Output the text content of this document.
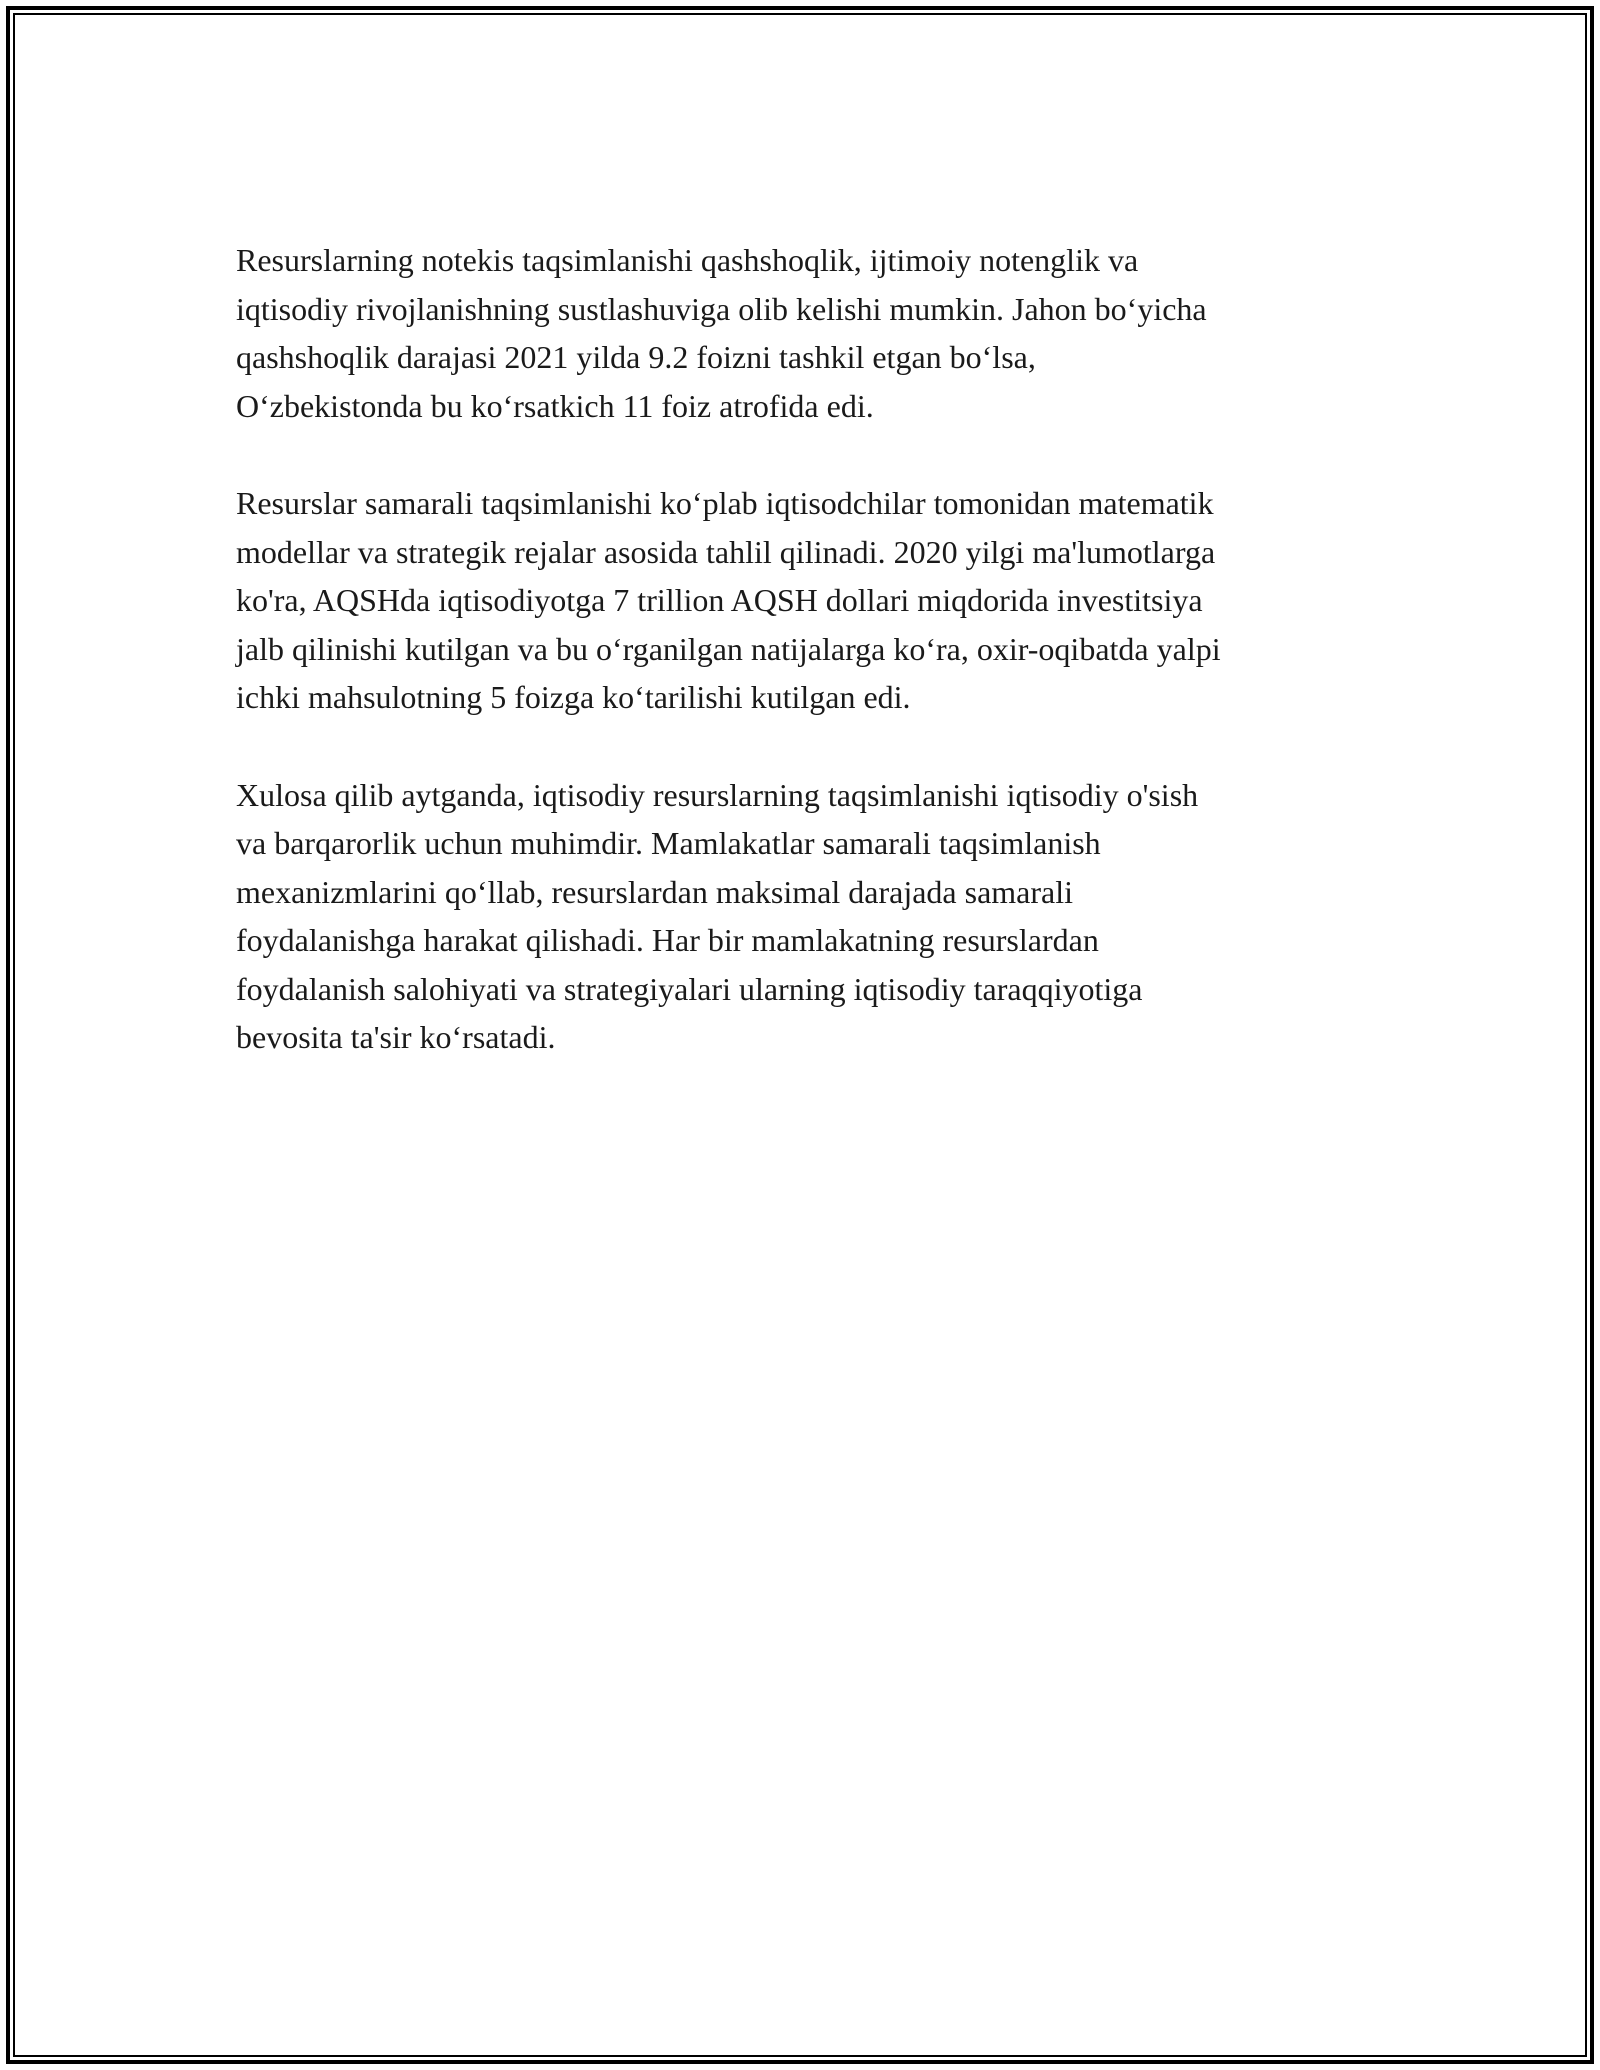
Resurslarning notekis taqsimlanishi qashshoqlik, ijtimoiy notenglik va
iqtisodiy rivojlanishning sustlashuviga olib kelishi mumkin. Jahon bo‘yicha
qashshoqlik darajasi 2021 yilda 9.2 foizni tashkil etgan bo‘lsa,
O‘zbekistonda bu ko‘rsatkich 11 foiz atrofida edi.

Resurslar samarali taqsimlanishi ko‘plab iqtisodchilar tomonidan matematik
modellar va strategik rejalar asosida tahlil qilinadi. 2020 yilgi ma'lumotlarga
ko'ra, AQSHda iqtisodiyotga 7 trillion AQSH dollari miqdorida investitsiya
jalb qilinishi kutilgan va bu o‘rganilgan natijalarga ko‘ra, oxir-oqibatda yalpi
ichki mahsulotning 5 foizga ko‘tarilishi kutilgan edi.

Xulosa qilib aytganda, iqtisodiy resurslarning taqsimlanishi iqtisodiy o'sish
va barqarorlik uchun muhimdir. Mamlakatlar samarali taqsimlanish
mexanizmlarini qo‘llab, resurslardan maksimal darajada samarali
foydalanishga harakat qilishadi. Har bir mamlakatning resurslardan
foydalanish salohiyati va strategiyalari ularning iqtisodiy taraqqiyotiga
bevosita ta'sir ko‘rsatadi.
